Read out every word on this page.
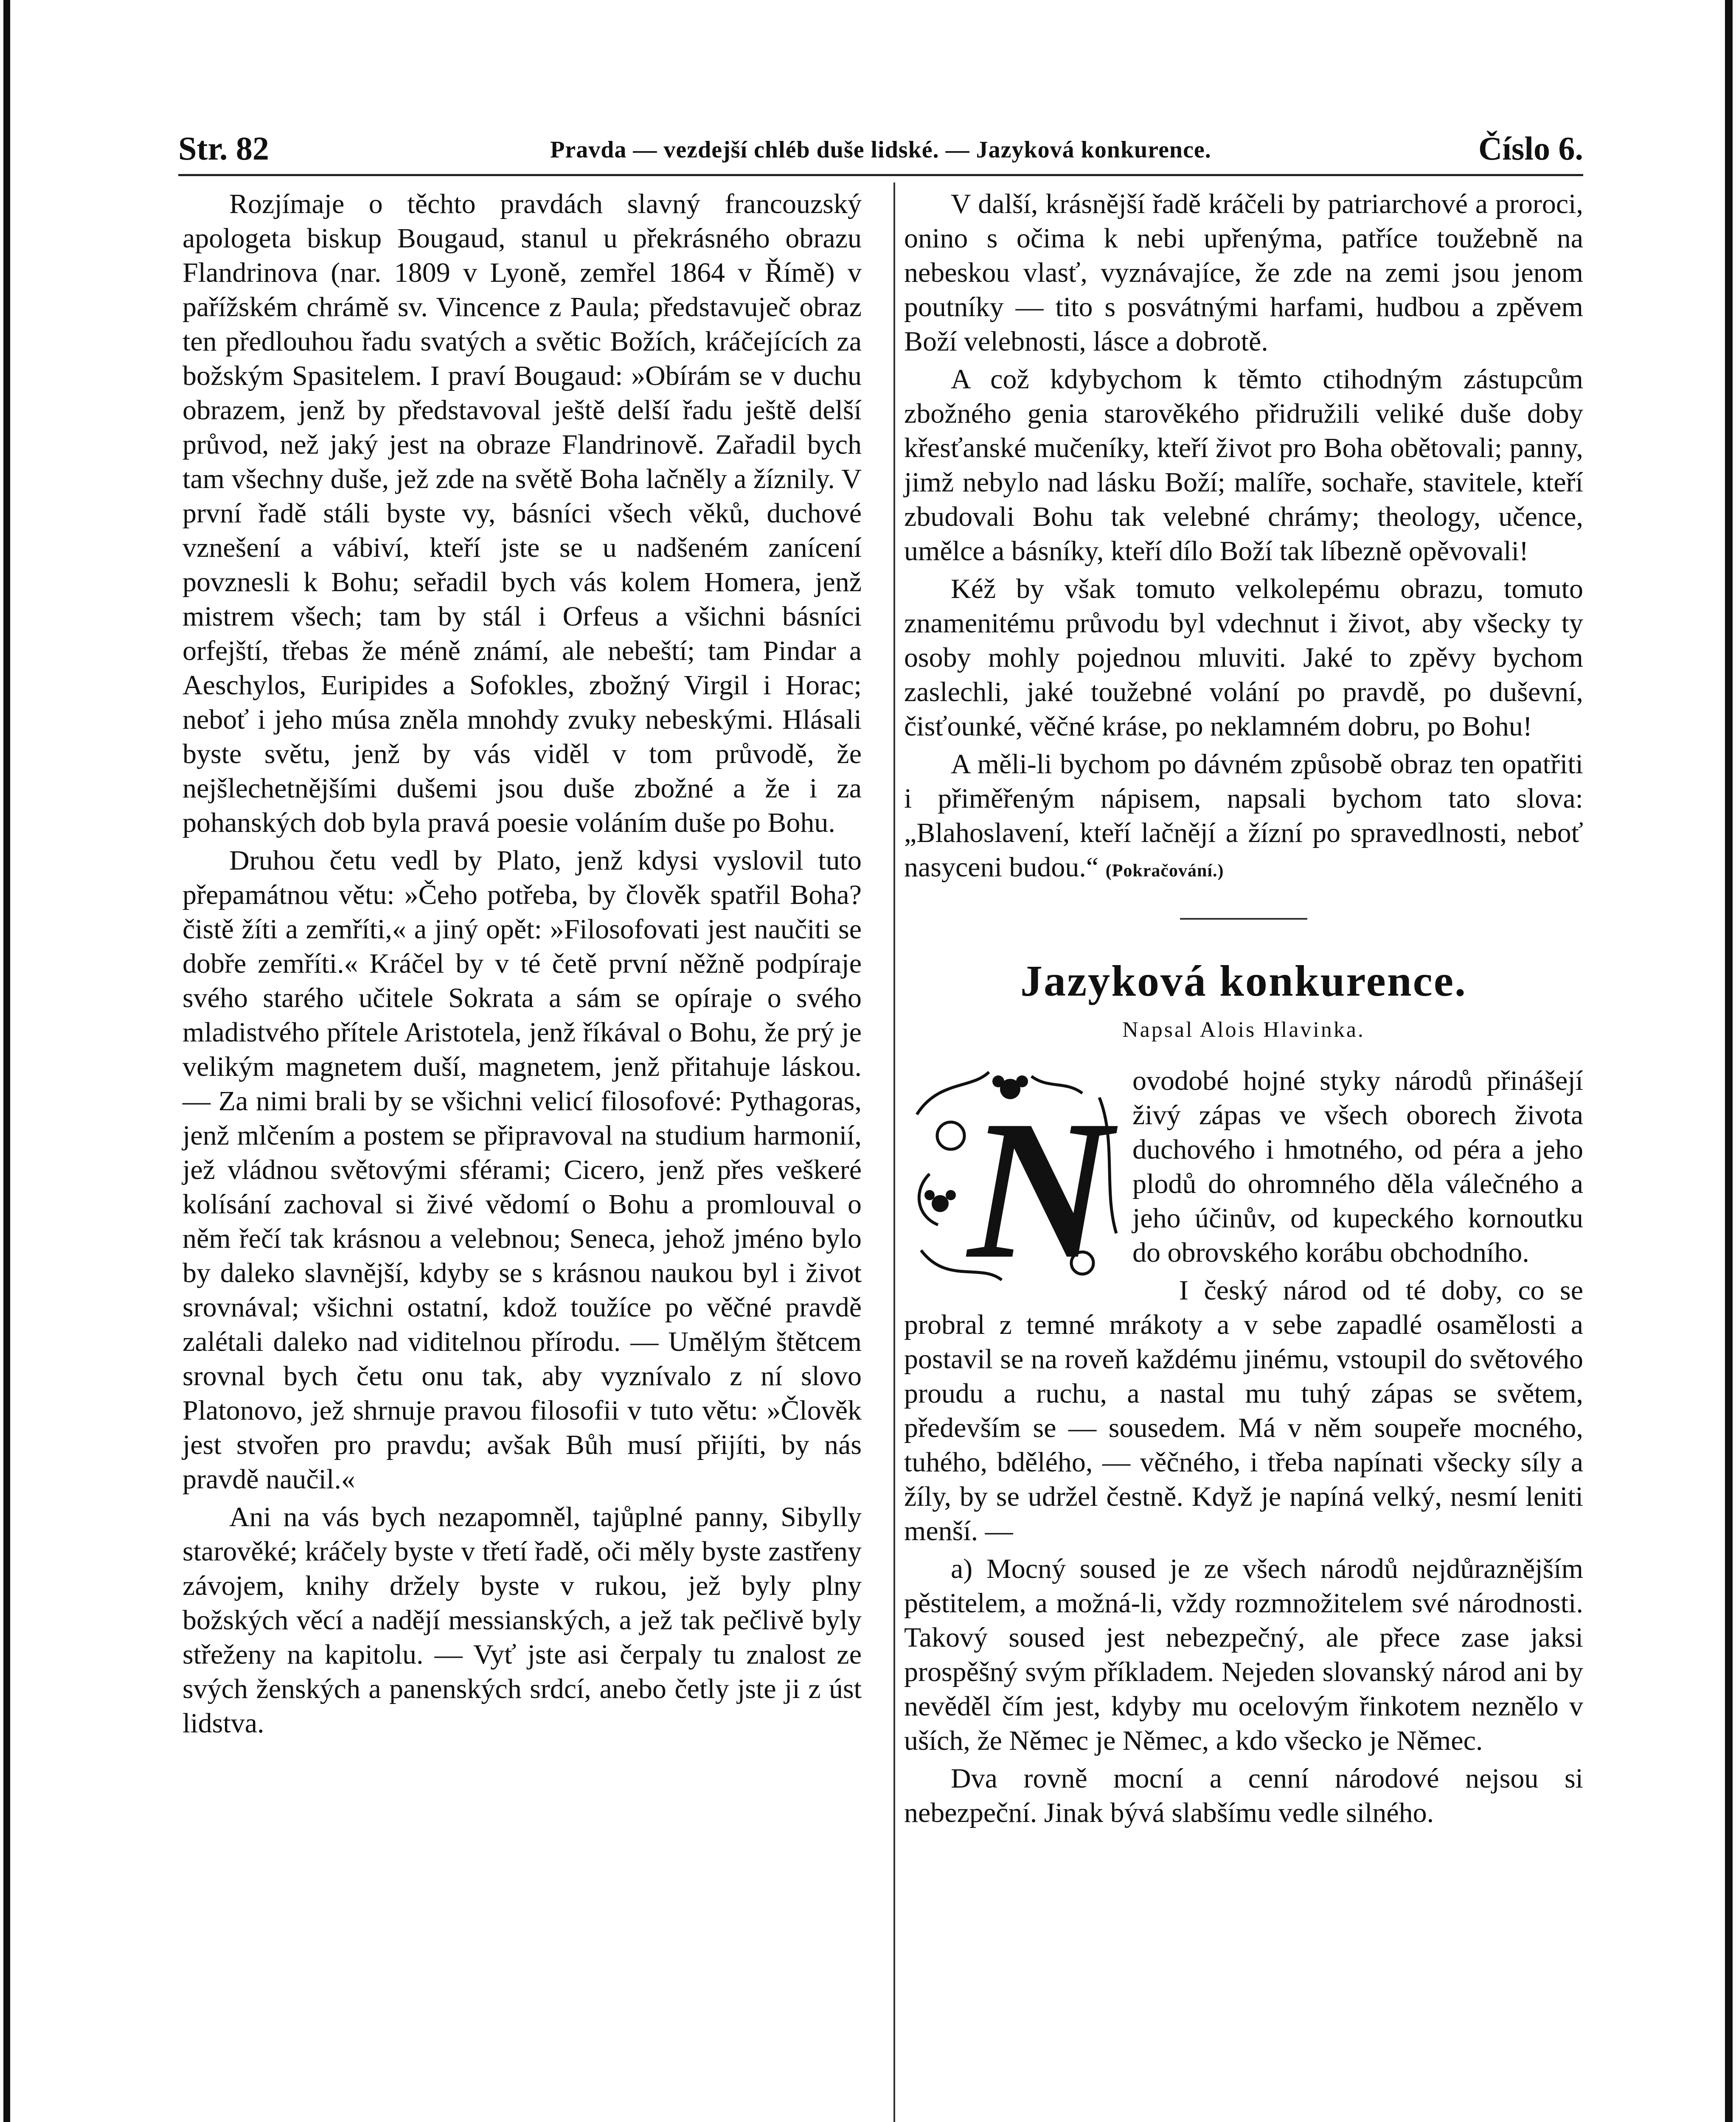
Str. 82	Pravda — vezdejší chléb duše lidské. — Jazyková konkurence.	Číslo 6.

Rozjímaje o těchto pravdách slavný francouzský apologeta biskup Bougaud, stanul u překrásného obrazu Flandrinova (nar. 1809 v Lyoně, zemřel 1864 v Římě) v pařížském chrámě sv. Vincence z Paula; představuječ obraz ten předlouhou řadu svatých a světic Božích, kráčejících za božským Spasitelem. I praví Bougaud: »Obírám se v duchu obrazem, jenž by představoval ještě delší řadu ještě delší průvod, než jaký jest na obraze Flandrinově. Zařadil bych tam všechny duše, jež zde na světě Boha lačněly a žíznily. V první řadě stáli byste vy, básníci všech věků, duchové vznešení a vábiví, kteří jste se u nadšeném zanícení povznesli k Bohu; seřadil bych vás kolem Homera, jenž mistrem všech; tam by stál i Orfeus a všichni básníci orfejští, třebas že méně známí, ale nebeští; tam Pindar a Aeschylos, Euripides a Sofokles, zbožný Virgil i Horac; neboť i jeho músa zněla mnohdy zvuky nebeskými. Hlásali byste světu, jenž by vás viděl v tom průvodě, že nejšlechetnějšími dušemi jsou duše zbožné a že i za pohanských dob byla pravá poesie voláním duše po Bohu.

Druhou četu vedl by Plato, jenž kdysi vyslovil tuto přepamátnou větu: »Čeho potřeba, by člověk spatřil Boha? čistě žíti a zemříti,« a jiný opět: »Filosofovati jest naučiti se dobře zemříti.« Kráčel by v té četě první něžně podpíraje svého starého učitele Sokrata a sám se opíraje o svého mladistvého přítele Aristotela, jenž říkával o Bohu, že prý je velikým magnetem duší, magnetem, jenž přitahuje láskou. — Za nimi brali by se všichni velicí filosofové: Pythagoras, jenž mlčením a postem se připravoval na studium harmonií, jež vládnou světovými sférami; Cicero, jenž přes veškeré kolísání zachoval si živé vědomí o Bohu a promlouval o něm řečí tak krásnou a velebnou; Seneca, jehož jméno bylo by daleko slavnější, kdyby se s krásnou naukou byl i život srovnával; všichni ostatní, kdož toužíce po věčné pravdě zalétali daleko nad viditelnou přírodu. — Umělým štětcem srovnal bych četu onu tak, aby vyznívalo z ní slovo Platonovo, jež shrnuje pravou filosofii v tuto větu: »Člověk jest stvořen pro pravdu; avšak Bůh musí přijíti, by nás pravdě naučil.«

Ani na vás bych nezapomněl, tajůplné panny, Sibylly starověké; kráčely byste v třetí řadě, oči měly byste zastřeny závojem, knihy držely byste v rukou, jež byly plny božských věcí a nadějí messianských, a jež tak pečlivě byly střeženy na kapitolu. — Vyť jste asi čerpaly tu znalost ze svých ženských a panenských srdcí, anebo četly jste ji z úst lidstva.

V další, krásnější řadě kráčeli by patriarchové a proroci, onino s očima k nebi upřenýma, patříce toužebně na nebeskou vlasť, vyznávajíce, že zde na zemi jsou jenom poutníky — tito s posvátnými harfami, hudbou a zpěvem Boží velebnosti, lásce a dobrotě.

A což kdybychom k těmto ctihodným zástupcům zbožného genia starověkého přidružili veliké duše doby křesťanské mučeníky, kteří život pro Boha obětovali; panny, jimž nebylo nad lásku Boží; malíře, sochaře, stavitele, kteří zbudovali Bohu tak velebné chrámy; theology, učence, umělce a básníky, kteří dílo Boží tak líbezně opěvovali!

Kéž by však tomuto velkolepému obrazu, tomuto znamenitému průvodu byl vdechnut i život, aby všecky ty osoby mohly pojednou mluviti. Jaké to zpěvy bychom zaslechli, jaké toužebné volání po pravdě, po duševní, čisťounké, věčné kráse, po neklamném dobru, po Bohu!

A měli-li bychom po dávném způsobě obraz ten opatřiti i přiměřeným nápisem, napsali bychom tato slova: „Blahoslavení, kteří lačnějí a žízní po spravedlnosti, neboť nasyceni budou.“ (Pokračování.)

Jazyková konkurence.
Napsal Alois Hlavinka.
N ovodobé hojné styky národů přinášejí živý zápas ve všech oborech života duchového i hmotného, od péra a jeho plodů do ohromného děla válečného a jeho účinův, od kupeckého kornoutku do obrovského korábu obchodního.

I český národ od té doby, co se probral z temné mrákoty a v sebe zapadlé osamělosti a postavil se na roveň každému jinému, vstoupil do světového proudu a ruchu, a nastal mu tuhý zápas se světem, především se — sousedem. Má v něm soupeře mocného, tuhého, bdělého, — věčného, i třeba napínati všecky síly a žíly, by se udržel čestně. Když je napíná velký, nesmí leniti menší. —

a) Mocný soused je ze všech národů nejdůraznějším pěstitelem, a možná-li, vždy rozmnožitelem své národnosti. Takový soused jest nebezpečný, ale přece zase jaksi prospěšný svým příkladem. Nejeden slovanský národ ani by nevěděl čím jest, kdyby mu ocelovým řinkotem neznělo v uších, že Němec je Němec, a kdo všecko je Němec.

Dva rovně mocní a cenní národové nejsou si nebezpeční. Jinak bývá slabšímu vedle silného.
